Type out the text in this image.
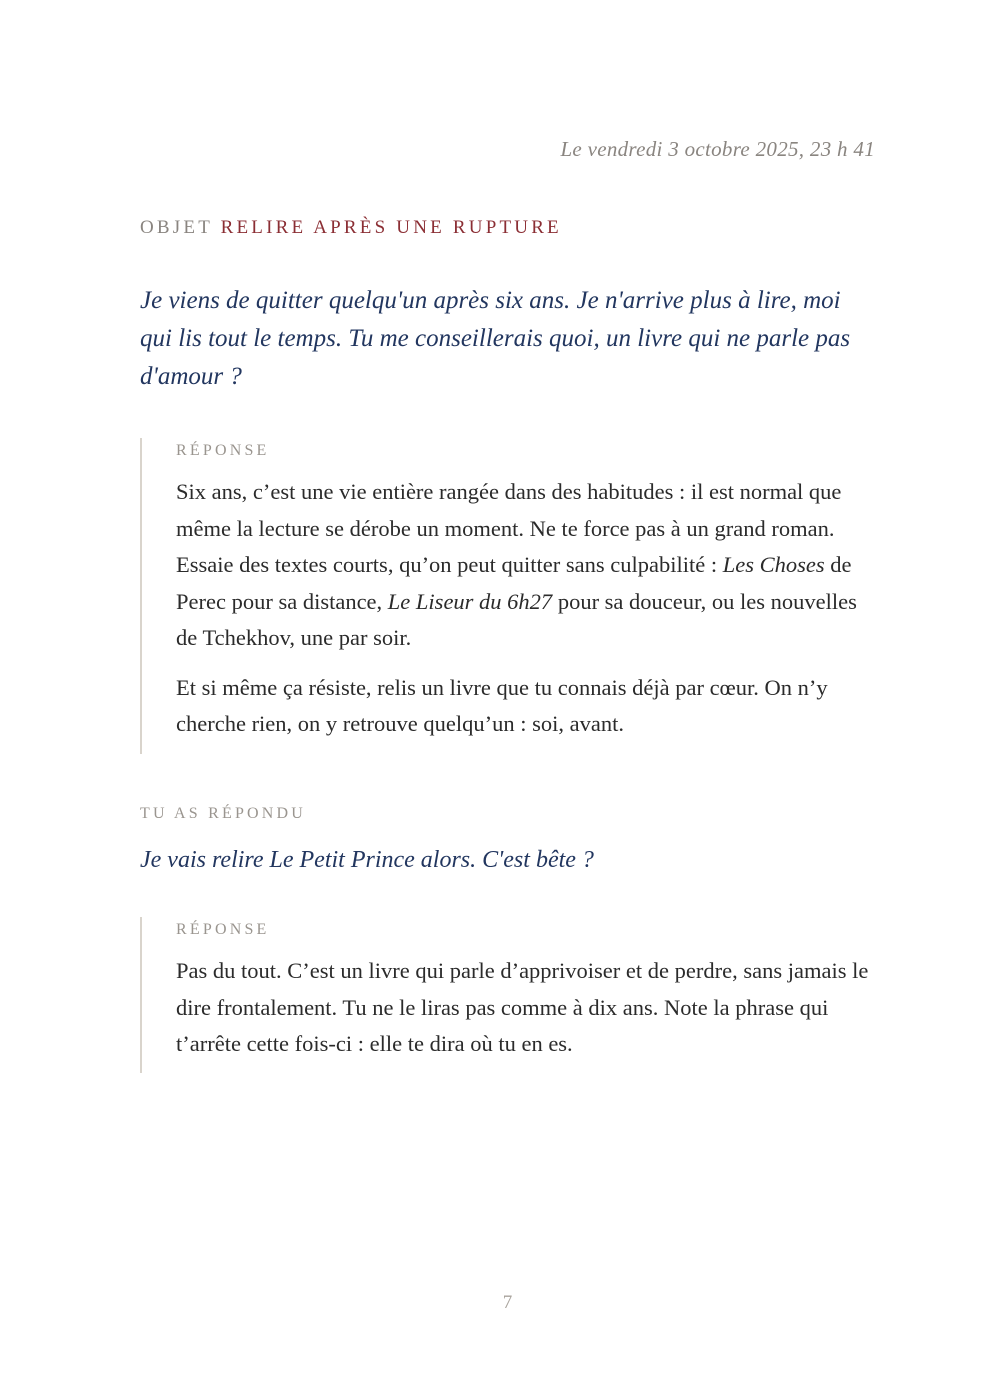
Le vendredi 3 octobre 2025, 23 h 41
OBJET RELIRE APRÈS UNE RUPTURE
Je viens de quitter quelqu'un après six ans. Je n'arrive plus à lire, moi qui lis tout le temps. Tu me conseillerais quoi, un livre qui ne parle pas d'amour ?
RÉPONSE

Six ans, c’est une vie entière rangée dans des habitudes : il est normal que même la lecture se dérobe un moment. Ne te force pas à un grand roman. Essaie des textes courts, qu’on peut quitter sans culpabilité : Les Choses de Perec pour sa distance, Le Liseur du 6h27 pour sa douceur, ou les nouvelles de Tchekhov, une par soir.

Et si même ça résiste, relis un livre que tu connais déjà par cœur. On n’y cherche rien, on y retrouve quelqu’un : soi, avant.

TU AS RÉPONDU
Je vais relire Le Petit Prince alors. C'est bête ?
RÉPONSE

Pas du tout. C’est un livre qui parle d’apprivoiser et de perdre, sans jamais le dire frontalement. Tu ne le liras pas comme à dix ans. Note la phrase qui t’arrête cette fois-ci : elle te dira où tu en es.

7
